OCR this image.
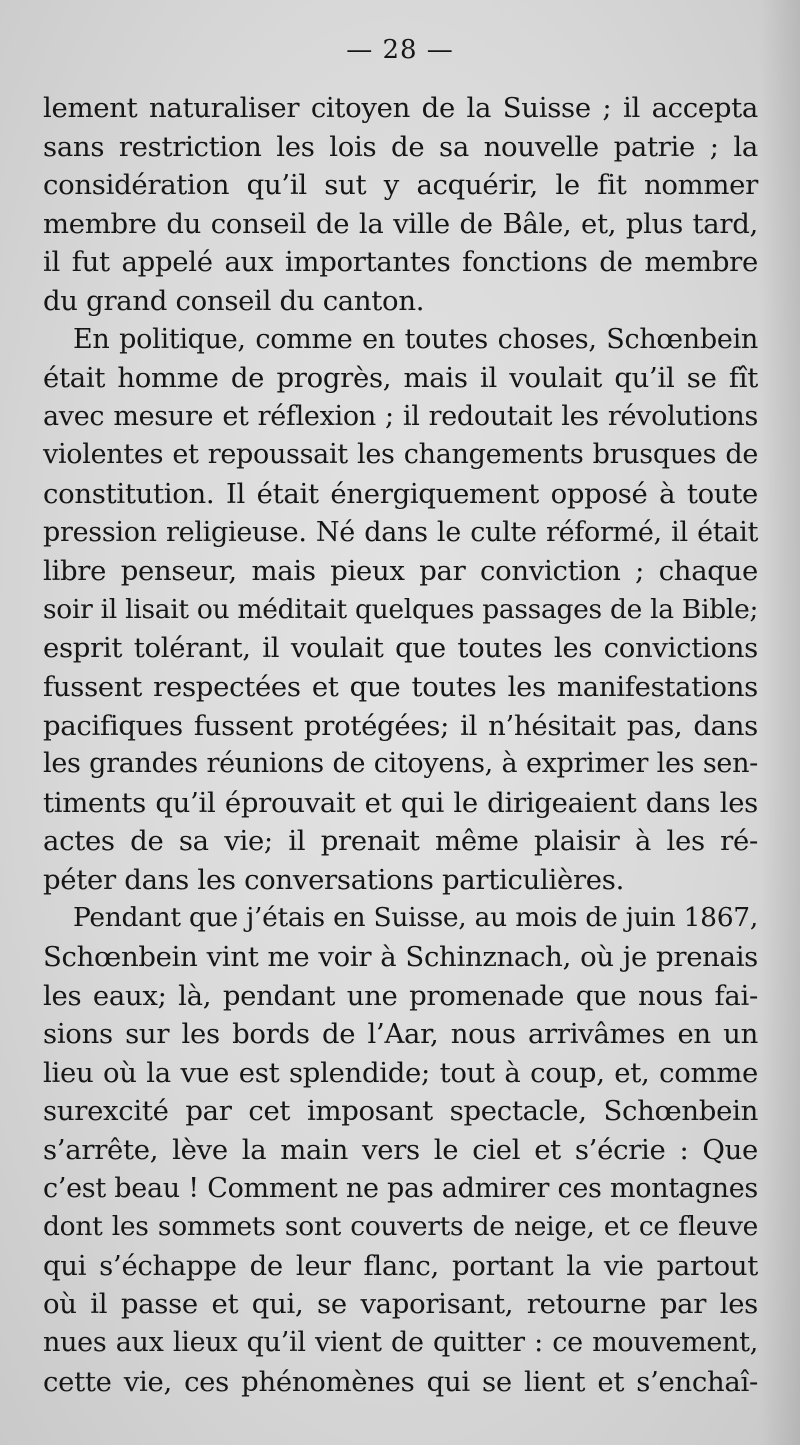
— 28 —
lement naturaliser citoyen de la Suisse ; il accepta
sans restriction les lois de sa nouvelle patrie ; la
considération qu’il sut y acquérir, le fit nommer
membre du conseil de la ville de Bâle, et, plus tard,
il fut appelé aux importantes fonctions de membre
du grand conseil du canton.
En politique, comme en toutes choses, Schœnbein
était homme de progrès, mais il voulait qu’il se fît
avec mesure et réflexion ; il redoutait les révolutions
violentes et repoussait les changements brusques de
constitution. Il était énergiquement opposé à toute
pression religieuse. Né dans le culte réformé, il était
libre penseur, mais pieux par conviction ; chaque
soir il lisait ou méditait quelques passages de la Bible;
esprit tolérant, il voulait que toutes les convictions
fussent respectées et que toutes les manifestations
pacifiques fussent protégées; il n’hésitait pas, dans
les grandes réunions de citoyens, à exprimer les sen-
timents qu’il éprouvait et qui le dirigeaient dans les
actes de sa vie; il prenait même plaisir à les ré-
péter dans les conversations particulières.
Pendant que j’étais en Suisse, au mois de juin 1867,
Schœnbein vint me voir à Schinznach, où je prenais
les eaux; là, pendant une promenade que nous fai-
sions sur les bords de l’Aar, nous arrivâmes en un
lieu où la vue est splendide; tout à coup, et, comme
surexcité par cet imposant spectacle, Schœnbein
s’arrête, lève la main vers le ciel et s’écrie : Que
c’est beau ! Comment ne pas admirer ces montagnes
dont les sommets sont couverts de neige, et ce fleuve
qui s’échappe de leur flanc, portant la vie partout
où il passe et qui, se vaporisant, retourne par les
nues aux lieux qu’il vient de quitter : ce mouvement,
cette vie, ces phénomènes qui se lient et s’enchaî-
